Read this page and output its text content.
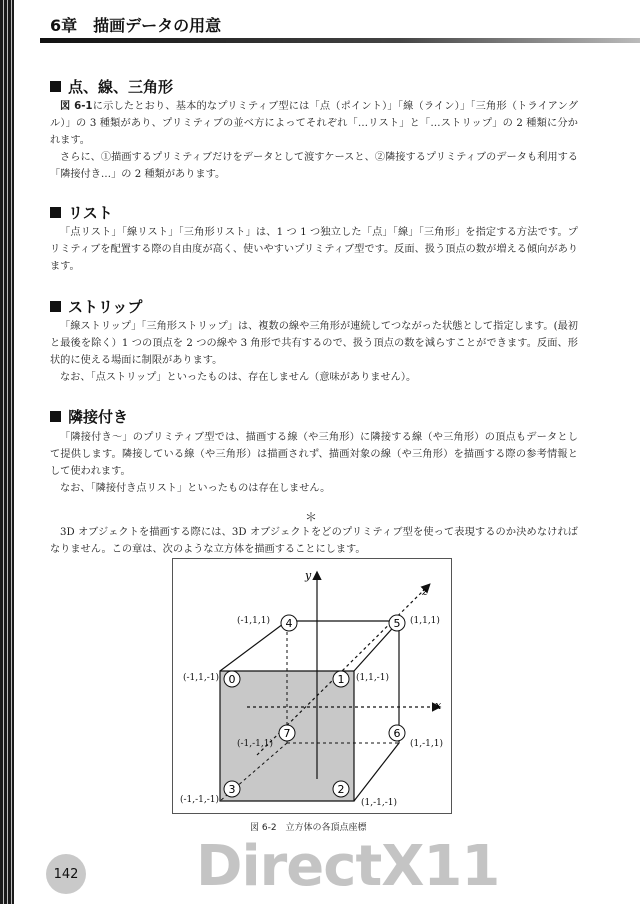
6章　描画データの用意
点、線、三角形

図 6-1に示したとおり、基本的なプリミティブ型には「点（ポイント）」「線（ライン）」「三角形（トライアングル）」の 3 種類があり、プリミティブの並べ方によってそれぞれ「…リスト」と「…ストリップ」の 2 種類に分かれます。

さらに、①描画するプリミティブだけをデータとして渡すケースと、②隣接するプリミティブのデータも利用する「隣接付き…」の 2 種類があります。

リスト

「点リスト」「線リスト」「三角形リスト」は、1 つ 1 つ独立した「点」「線」「三角形」を指定する方法です。プリミティブを配置する際の自由度が高く、使いやすいプリミティブ型です。反面、扱う頂点の数が増える傾向があります。

ストリップ

「線ストリップ」「三角形ストリップ」は、複数の線や三角形が連続してつながった状態として指定します。(最初と最後を除く）1 つの頂点を 2 つの線や 3 角形で共有するので、扱う頂点の数を減らすことができます。反面、形状的に使える場面に制限があります。

なお、「点ストリップ」といったものは、存在しません（意味がありません）。

隣接付き

「隣接付き～」のプリミティブ型では、描画する線（や三角形）に隣接する線（や三角形）の頂点もデータとして提供します。隣接している線（や三角形）は描画されず、描画対象の線（や三角形）を描画する際の参考情報として使われます。

なお、「隣接付き点リスト」といったものは存在しません。

＊

3D オブジェクトを描画する際には、3D オブジェクトをどのプリミティブ型を使って表現するのか決めなければなりません。この章は、次のような立方体を描画することにします。

y
x
z
0	1
2
3
4	5
6
7
(-1,1,-1)	(1,1,-1)
(1,-1,-1)
(-1,-1,-1)
(-1,1,1)	(1,1,1)
(1,-1,1)
(-1,-1,1)
図 6-2　立方体の各頂点座標
142 DirectX11
